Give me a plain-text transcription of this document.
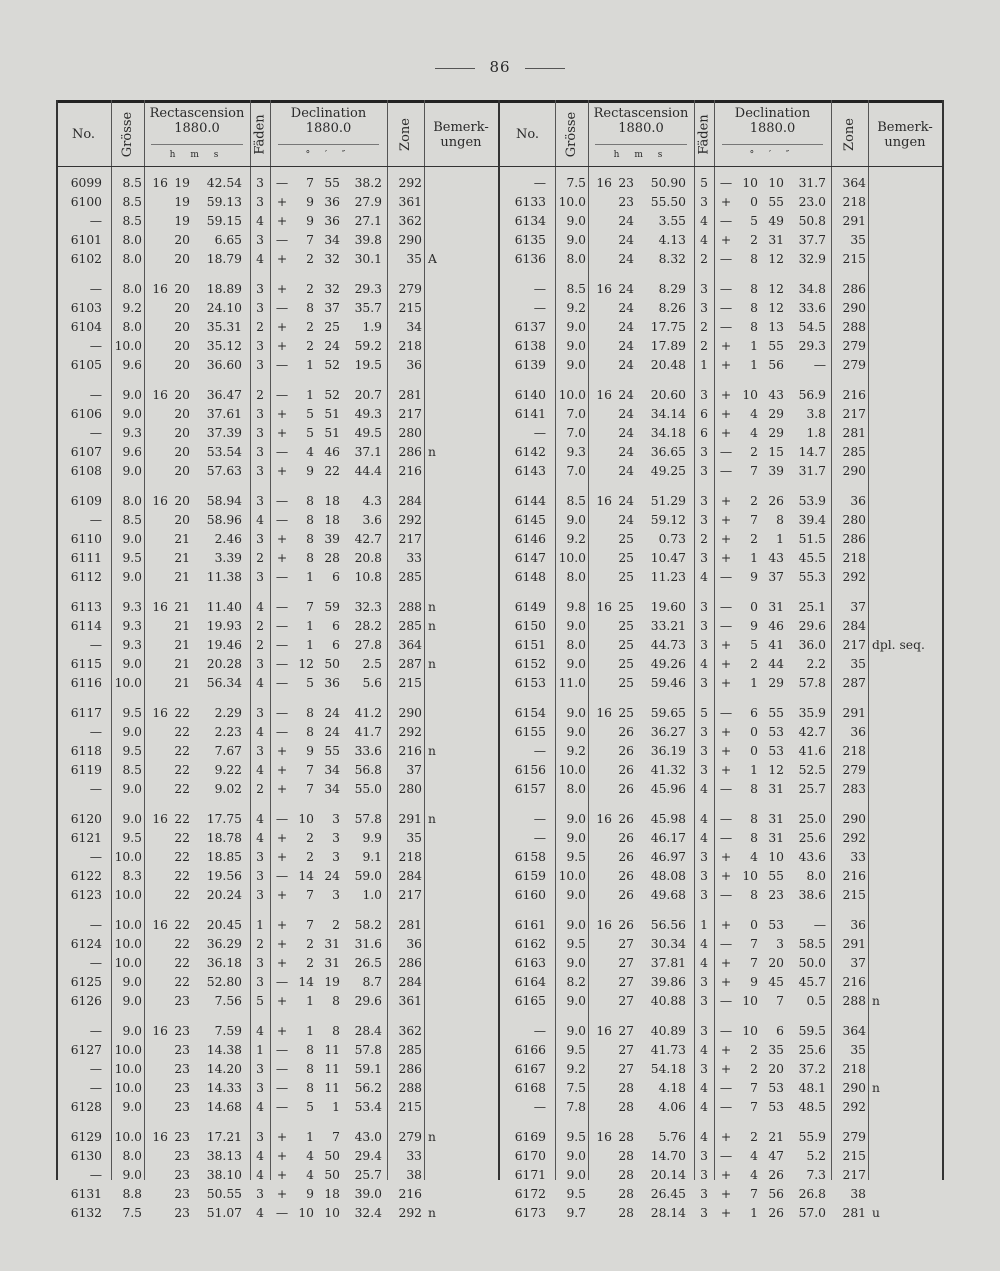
86
No. Grösse Rectascension
1880.0
h m s
Fäden
Declination
1880.0
° ′ ″
Zone Bemerk-
ungen	No. Grösse Rectascension
1880.0
h m s
Fäden
Declination
1880.0
° ′ ″
Zone Bemerk-
ungen
6099	8.5 16 19	42.54	3 —	7 55	38.2	292
6100	8.5	19	59.13	3	+	9 36	27.9	361
—	8.5	19	59.15	4	+	9 36	27.1	362
6101	8.0	20	6.65	3 —	7 34	39.8	290
6102	8.0	20	18.79	4	+	2 32	30.1	35 A
—	8.0 16 20	18.89	3	+	2 32	29.3	279
6103	9.2	20	24.10	3 —	8 37	35.7	215
6104	8.0	20	35.31	2	+	2 25	1.9	34
— 10.0	20	35.12	3	+	2 24	59.2	218
6105	9.6	20	36.60	3 —	1 52	19.5	36
—	9.0 16 20	36.47	2 —	1 52	20.7	281
6106	9.0	20	37.61	3	+	5 51	49.3	217
—	9.3	20	37.39	3	+	5 51	49.5	280
6107	9.6	20	53.54	3 —	4 46	37.1	286 n
6108	9.0	20	57.63	3	+	9 22	44.4	216
6109	8.0 16 20	58.94	3 —	8 18	4.3	284
—	8.5	20	58.96	4 —	8 18	3.6	292
6110	9.0	21	2.46	3	+	8 39	42.7	217
6111	9.5	21	3.39	2	+	8 28	20.8	33
6112	9.0	21	11.38	3 —	1	6	10.8	285
6113	9.3 16 21	11.40	4 —	7 59	32.3	288 n
6114	9.3	21	19.93	2 —	1	6	28.2	285 n
—	9.3	21	19.46	2 —	1	6	27.8	364
6115	9.0	21	20.28	3 — 12 50	2.5	287 n
6116 10.0	21	56.34	4 —	5 36	5.6	215
6117	9.5 16 22	2.29	3 —	8 24	41.2	290
—	9.0	22	2.23	4 —	8 24	41.7	292
6118	9.5	22	7.67	3	+	9 55	33.6	216 n
6119	8.5	22	9.22	4	+	7 34	56.8	37
—	9.0	22	9.02	2	+	7 34	55.0	280
6120	9.0 16 22	17.75	4 — 10	3	57.8	291 n
6121	9.5	22	18.78	4	+	2	3	9.9	35
— 10.0	22	18.85	3	+	2	3	9.1	218
6122	8.3	22	19.56	3 — 14 24	59.0	284
6123 10.0	22	20.24	3	+	7	3	1.0	217
— 10.0 16 22	20.45	1	+	7	2	58.2	281
6124 10.0	22	36.29	2	+	2 31	31.6	36
— 10.0	22	36.18	3	+	2 31	26.5	286
6125	9.0	22	52.80	3 — 14 19	8.7	284
6126	9.0	23	7.56	5	+	1	8	29.6	361
—	9.0 16 23	7.59	4	+	1	8	28.4	362
6127 10.0	23	14.38	1 —	8 11	57.8	285
— 10.0	23	14.20	3 —	8 11	59.1	286
— 10.0	23	14.33	3 —	8 11	56.2	288
6128	9.0	23	14.68	4 —	5	1	53.4	215
6129 10.0 16 23	17.21	3	+	1	7	43.0	279 n
6130	8.0	23	38.13	4	+	4 50	29.4	33
—	9.0	23	38.10	4	+	4 50	25.7	38
6131	8.8	23	50.55	3	+	9 18	39.0	216
6132	7.5	23	51.07	4 — 10 10	32.4	292 n
—	7.5 16 23	50.90	5 — 10 10	31.7	364
6133 10.0	23	55.50	3	+	0 55	23.0	218
6134	9.0	24	3.55	4 —	5 49	50.8	291
6135	9.0	24	4.13	4	+	2 31	37.7	35
6136	8.0	24	8.32	2 —	8 12	32.9	215
—	8.5 16 24	8.29	3 —	8 12	34.8	286
—	9.2	24	8.26	3 —	8 12	33.6	290
6137	9.0	24	17.75	2 —	8 13	54.5	288
6138	9.0	24	17.89	2	+	1 55	29.3	279
6139	9.0	24	20.48	1	+	1 56	—	279
6140 10.0 16 24	20.60	3	+ 10 43	56.9	216
6141	7.0	24	34.14	6	+	4 29	3.8	217
—	7.0	24	34.18	6	+	4 29	1.8	281
6142	9.3	24	36.65	3 —	2 15	14.7	285
6143	7.0	24	49.25	3 —	7 39	31.7	290
6144	8.5 16 24	51.29	3	+	2 26	53.9	36
6145	9.0	24	59.12	3	+	7	8	39.4	280
6146	9.2	25	0.73	2	+	2	1	51.5	286
6147 10.0	25	10.47	3	+	1 43	45.5	218
6148	8.0	25	11.23	4 —	9 37	55.3	292
6149	9.8 16 25	19.60	3 —	0 31	25.1	37
6150	9.0	25	33.21	3 —	9 46	29.6	284
6151	8.0	25	44.73	3	+	5 41	36.0	217 dpl. seq.
6152	9.0	25	49.26	4	+	2 44	2.2	35
6153 11.0	25	59.46	3	+	1 29	57.8	287
6154	9.0 16 25	59.65	5 —	6 55	35.9	291
6155	9.0	26	36.27	3	+	0 53	42.7	36
—	9.2	26	36.19	3	+	0 53	41.6	218
6156 10.0	26	41.32	3	+	1 12	52.5	279
6157	8.0	26	45.96	4 —	8 31	25.7	283
—	9.0 16 26	45.98	4 —	8 31	25.0	290
—	9.0	26	46.17	4 —	8 31	25.6	292
6158	9.5	26	46.97	3	+	4 10	43.6	33
6159 10.0	26	48.08	3	+ 10 55	8.0	216
6160	9.0	26	49.68	3 —	8 23	38.6	215
6161	9.0 16 26	56.56	1	+	0 53	—	36
6162	9.5	27	30.34	4 —	7	3	58.5	291
6163	9.0	27	37.81	4	+	7 20	50.0	37
6164	8.2	27	39.86	3	+	9 45	45.7	216
6165	9.0	27	40.88	3 — 10	7	0.5	288 n
—	9.0 16 27	40.89	3 — 10	6	59.5	364
6166	9.5	27	41.73	4	+	2 35	25.6	35
6167	9.2	27	54.18	3	+	2 20	37.2	218
6168	7.5	28	4.18	4 —	7 53	48.1	290 n
—	7.8	28	4.06	4 —	7 53	48.5	292
6169	9.5 16 28	5.76	4	+	2 21	55.9	279
6170	9.0	28	14.70	3 —	4 47	5.2	215
6171	9.0	28	20.14	3	+	4 26	7.3	217
6172	9.5	28	26.45	3	+	7 56	26.8	38
6173	9.7	28	28.14	3	+	1 26	57.0	281 u
